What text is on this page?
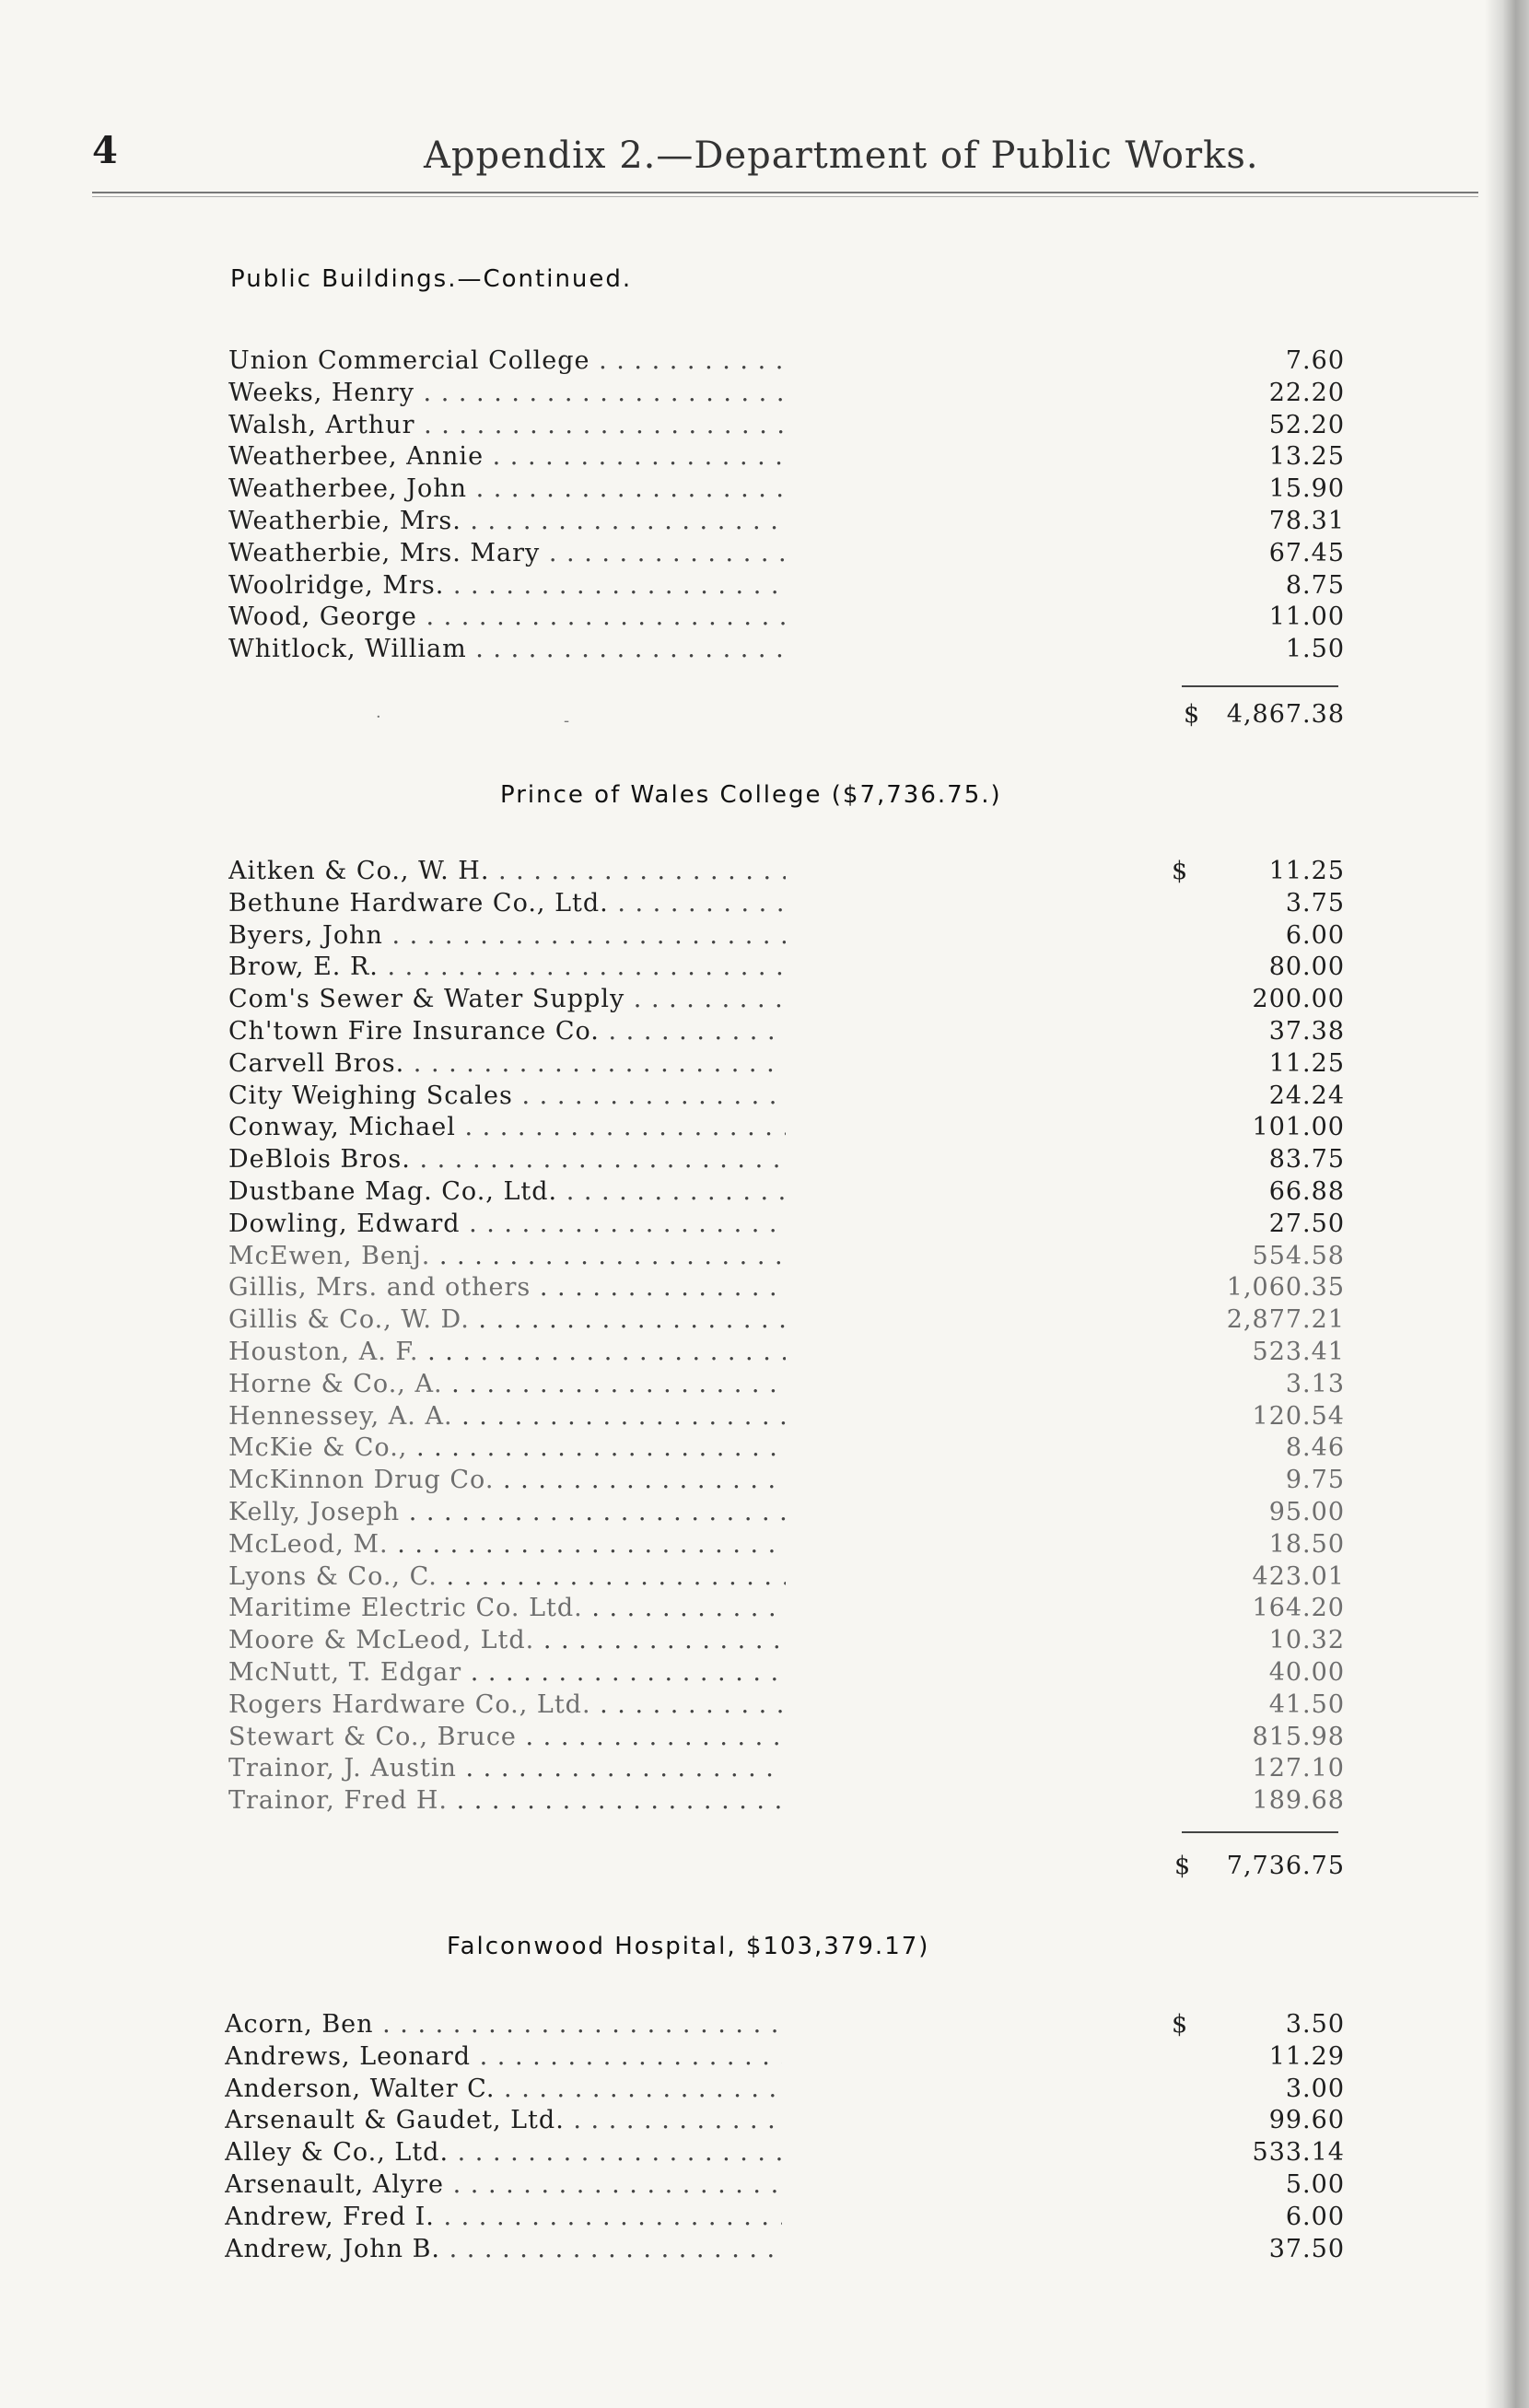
4	Appendix 2.—Department of Public Works.
Public Buildings.—Continued.
Union Commercial College . . .	7.60
Weeks, Henry . . .	22.20
Walsh, Arthur . . .	52.20
Weatherbee, Annie . . .	13.25
Weatherbee, John . . .	15.90
Weatherbie, Mrs. . . .	78.31
Weatherbie, Mrs. Mary . . .	67.45
Woolridge, Mrs. . . .	8.75
Wood, George . . .	11.00
Whitlock, William . . .	1.50
$ 4,867.38
·	-
Prince of Wales College ($7,736.75.)
Aitken & Co., W. H. . . .	$	11.25
Bethune Hardware Co., Ltd. . . .	3.75
Byers, John . . .	6.00
Brow, E. R. . . .	80.00
Com's Sewer & Water Supply . . .	200.00
Ch'town Fire Insurance Co. . . .	37.38
Carvell Bros. . . .	11.25
City Weighing Scales . . .	24.24
Conway, Michael . . .	101.00
DeBlois Bros. . . .	83.75
Dustbane Mag. Co., Ltd. . . .	66.88
Dowling, Edward . . .	27.50
McEwen, Benj. . . .	554.58
Gillis, Mrs. and others . . .	1,060.35
Gillis & Co., W. D. . . .	2,877.21
Houston, A. F. . . .	523.41
Horne & Co., A. . . .	3.13
Hennessey, A. A. . . .	120.54
McKie & Co., . . .	8.46
McKinnon Drug Co. . . .	9.75
Kelly, Joseph . . .	95.00
McLeod, M. . . .	18.50
Lyons & Co., C. . . .	423.01
Maritime Electric Co. Ltd. . . .	164.20
Moore & McLeod, Ltd. . . .	10.32
McNutt, T. Edgar . . .	40.00
Rogers Hardware Co., Ltd. . . .	41.50
Stewart & Co., Bruce . . .	815.98
Trainor, J. Austin . . .	127.10
Trainor, Fred H. . . .	189.68
$ 7,736.75
Falconwood Hospital, $103,379.17)
Acorn, Ben . . .	$	3.50
Andrews, Leonard . . .	11.29
Anderson, Walter C. . . .	3.00
Arsenault & Gaudet, Ltd. . . .	99.60
Alley & Co., Ltd. . . .	533.14
Arsenault, Alyre . . .	5.00
Andrew, Fred I. . . .	6.00
Andrew, John B. . . .	37.50
